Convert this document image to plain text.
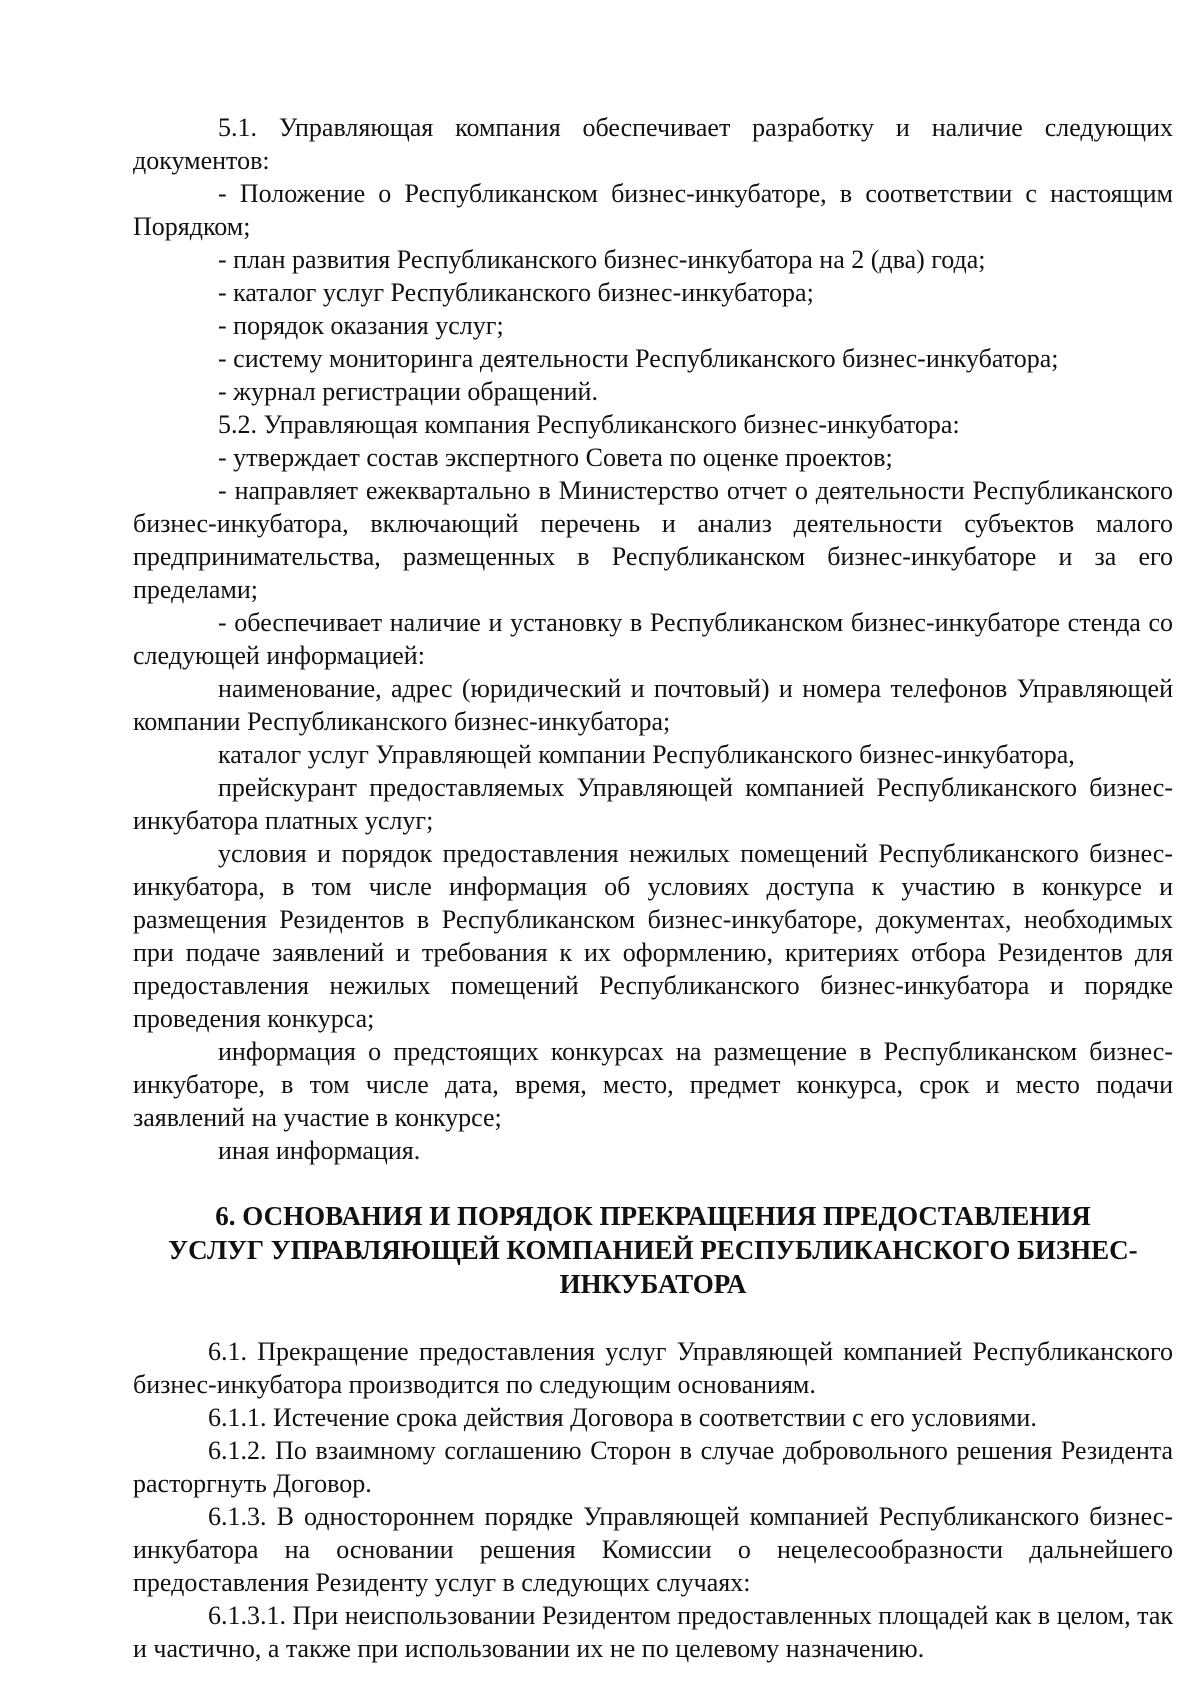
5.1. Управляющая компания обеспечивает разработку и наличие следующих документов:

- Положение о Республиканском бизнес-инкубаторе, в соответствии с настоящим Порядком;

- план развития Республиканского бизнес-инкубатора на 2 (два) года;

- каталог услуг Республиканского бизнес-инкубатора;

- порядок оказания услуг;

- систему мониторинга деятельности Республиканского бизнес-инкубатора;

- журнал регистрации обращений.

5.2. Управляющая компания Республиканского бизнес-инкубатора:

- утверждает состав экспертного Совета по оценке проектов;

- направляет ежеквартально в Министерство отчет о деятельности Республиканского бизнес-инкубатора, включающий перечень и анализ деятельности субъектов малого предпринимательства, размещенных в Республиканском бизнес-инкубаторе и за его пределами;

- обеспечивает наличие и установку в Республиканском бизнес-инкубаторе стенда со следующей информацией:

наименование, адрес (юридический и почтовый) и номера телефонов Управляющей компании Республиканского бизнес-инкубатора;

каталог услуг Управляющей компании Республиканского бизнес-инкубатора,

прейскурант предоставляемых Управляющей компанией Республиканского бизнес-инкубатора платных услуг;

условия и порядок предоставления нежилых помещений Республиканского бизнес-инкубатора, в том числе информация об условиях доступа к участию в конкурсе и размещения Резидентов в Республиканском бизнес-инкубаторе, документах, необходимых при подаче заявлений и требования к их оформлению, критериях отбора Резидентов для предоставления нежилых помещений Республиканского бизнес-инкубатора и порядке проведения конкурса;

информация о предстоящих конкурсах на размещение в Республиканском бизнес-инкубаторе, в том числе дата, время, место, предмет конкурса, срок и место подачи заявлений на участие в конкурсе;

иная информация.

6. ОСНОВАНИЯ И ПОРЯДОК ПРЕКРАЩЕНИЯ ПРЕДОСТАВЛЕНИЯ
УСЛУГ УПРАВЛЯЮЩЕЙ КОМПАНИЕЙ РЕСПУБЛИКАНСКОГО БИЗНЕС-
ИНКУБАТОРА

6.1. Прекращение предоставления услуг Управляющей компанией Республиканского бизнес-инкубатора производится по следующим основаниям.

6.1.1. Истечение срока действия Договора в соответствии с его условиями.

6.1.2. По взаимному соглашению Сторон в случае добровольного решения Резидента расторгнуть Договор.

6.1.3. В одностороннем порядке Управляющей компанией Республиканского бизнес-инкубатора на основании решения Комиссии о нецелесообразности дальнейшего предоставления Резиденту услуг в следующих случаях:

6.1.3.1. При неиспользовании Резидентом предоставленных площадей как в целом, так и частично, а также при использовании их не по целевому назначению.
